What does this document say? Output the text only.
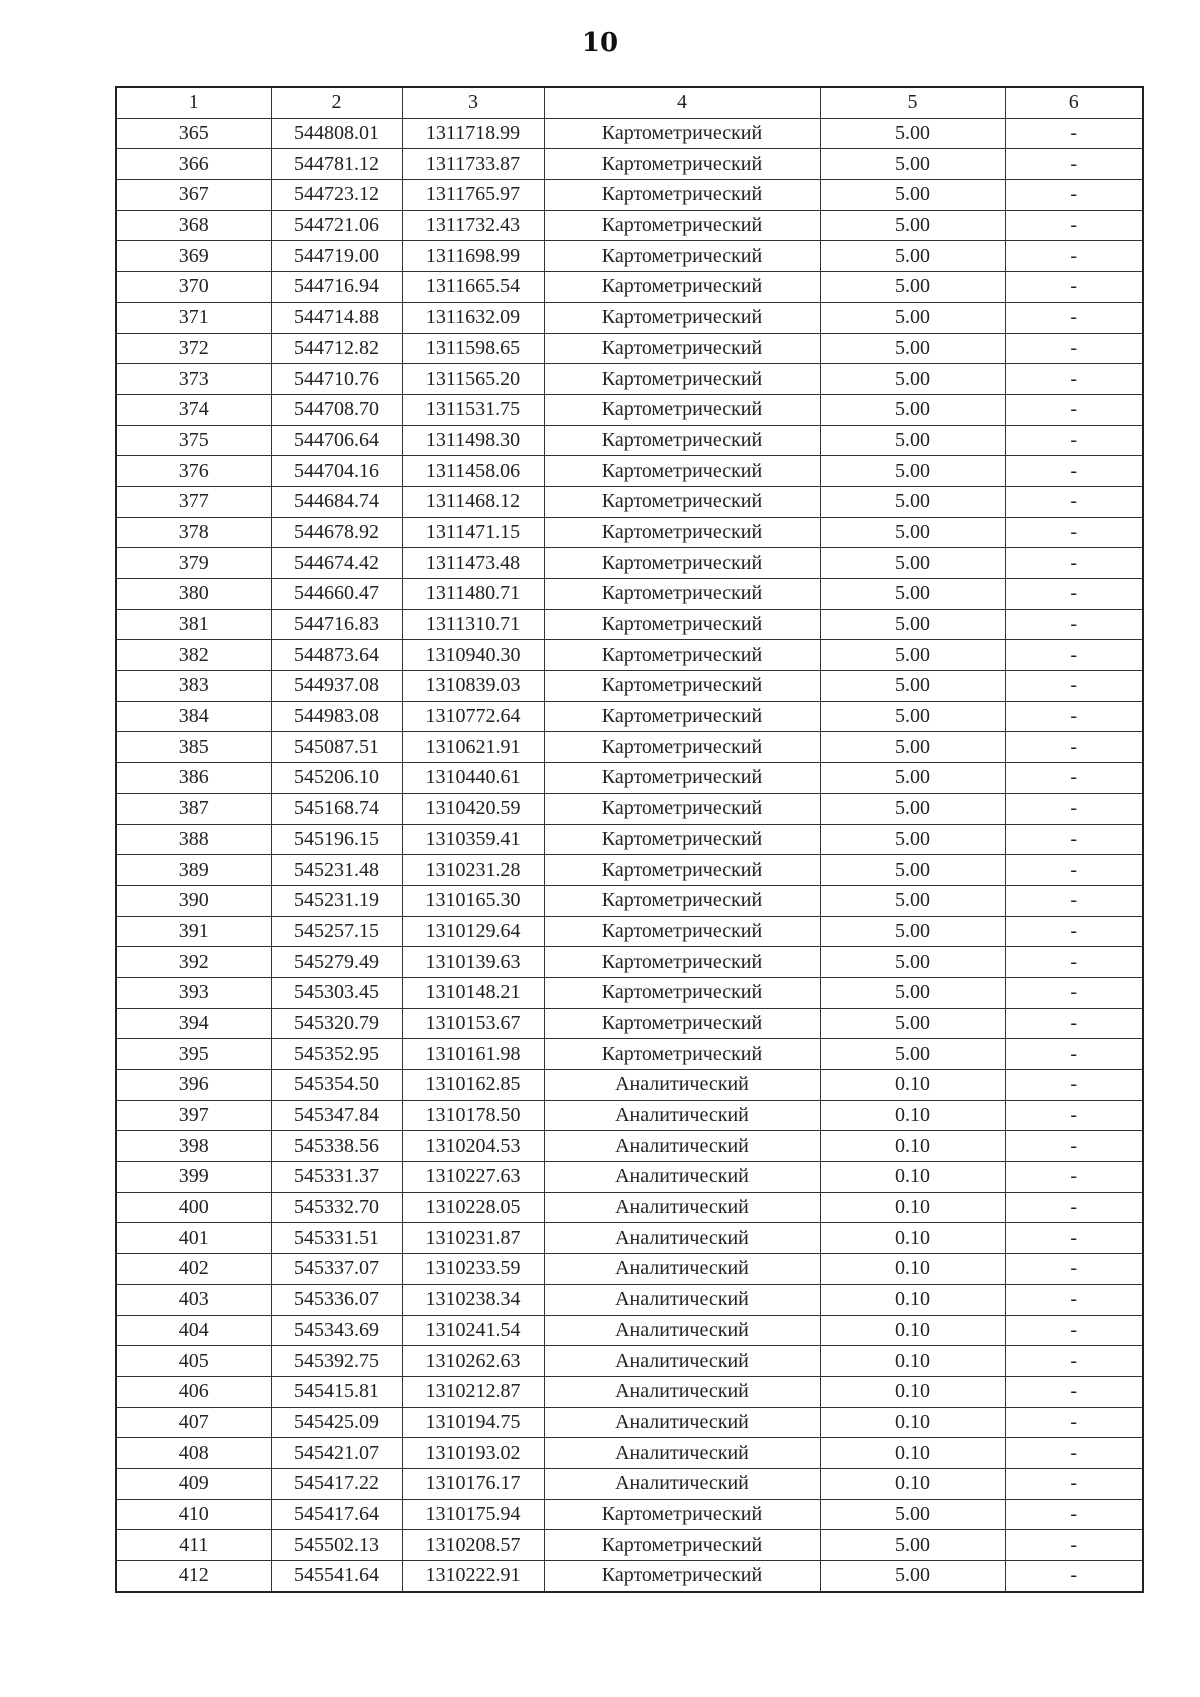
10
1	2	3	4	5	6
365	544808.01	1311718.99	Картометрический	5.00	-
366	544781.12	1311733.87	Картометрический	5.00	-
367	544723.12	1311765.97	Картометрический	5.00	-
368	544721.06	1311732.43	Картометрический	5.00	-
369	544719.00	1311698.99	Картометрический	5.00	-
370	544716.94	1311665.54	Картометрический	5.00	-
371	544714.88	1311632.09	Картометрический	5.00	-
372	544712.82	1311598.65	Картометрический	5.00	-
373	544710.76	1311565.20	Картометрический	5.00	-
374	544708.70	1311531.75	Картометрический	5.00	-
375	544706.64	1311498.30	Картометрический	5.00	-
376	544704.16	1311458.06	Картометрический	5.00	-
377	544684.74	1311468.12	Картометрический	5.00	-
378	544678.92	1311471.15	Картометрический	5.00	-
379	544674.42	1311473.48	Картометрический	5.00	-
380	544660.47	1311480.71	Картометрический	5.00	-
381	544716.83	1311310.71	Картометрический	5.00	-
382	544873.64	1310940.30	Картометрический	5.00	-
383	544937.08	1310839.03	Картометрический	5.00	-
384	544983.08	1310772.64	Картометрический	5.00	-
385	545087.51	1310621.91	Картометрический	5.00	-
386	545206.10	1310440.61	Картометрический	5.00	-
387	545168.74	1310420.59	Картометрический	5.00	-
388	545196.15	1310359.41	Картометрический	5.00	-
389	545231.48	1310231.28	Картометрический	5.00	-
390	545231.19	1310165.30	Картометрический	5.00	-
391	545257.15	1310129.64	Картометрический	5.00	-
392	545279.49	1310139.63	Картометрический	5.00	-
393	545303.45	1310148.21	Картометрический	5.00	-
394	545320.79	1310153.67	Картометрический	5.00	-
395	545352.95	1310161.98	Картометрический	5.00	-
396	545354.50	1310162.85	Аналитический	0.10	-
397	545347.84	1310178.50	Аналитический	0.10	-
398	545338.56	1310204.53	Аналитический	0.10	-
399	545331.37	1310227.63	Аналитический	0.10	-
400	545332.70	1310228.05	Аналитический	0.10	-
401	545331.51	1310231.87	Аналитический	0.10	-
402	545337.07	1310233.59	Аналитический	0.10	-
403	545336.07	1310238.34	Аналитический	0.10	-
404	545343.69	1310241.54	Аналитический	0.10	-
405	545392.75	1310262.63	Аналитический	0.10	-
406	545415.81	1310212.87	Аналитический	0.10	-
407	545425.09	1310194.75	Аналитический	0.10	-
408	545421.07	1310193.02	Аналитический	0.10	-
409	545417.22	1310176.17	Аналитический	0.10	-
410	545417.64	1310175.94	Картометрический	5.00	-
411	545502.13	1310208.57	Картометрический	5.00	-
412	545541.64	1310222.91	Картометрический	5.00	-
